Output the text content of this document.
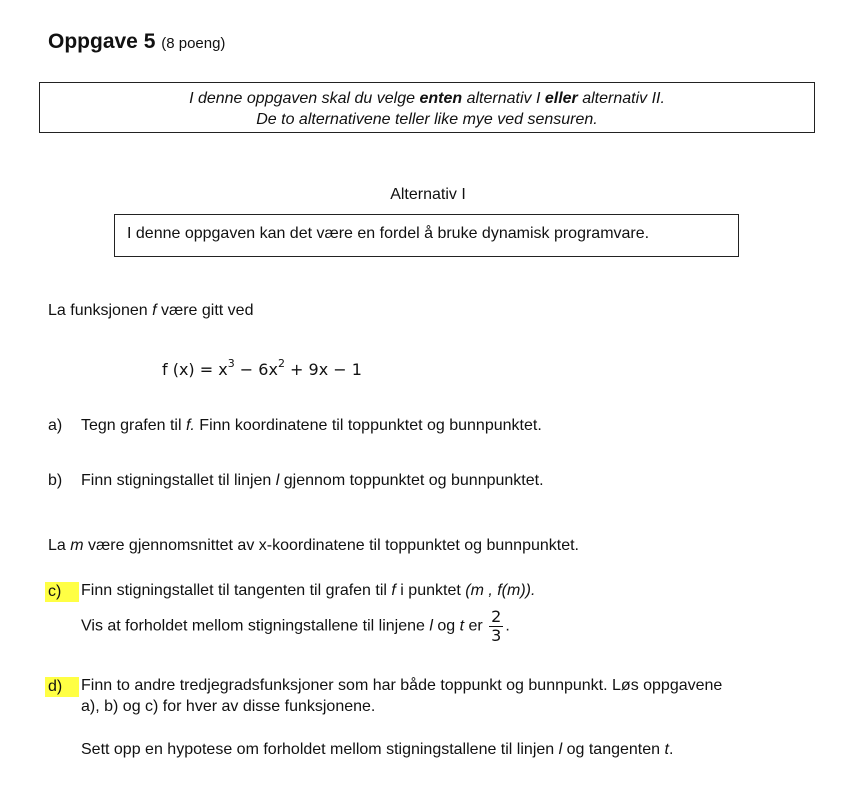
Oppgave 5 (8 poeng)
I denne oppgaven skal du velge enten alternativ I eller alternativ II.
De to alternativene teller like mye ved sensuren.
Alternativ I
I denne oppgaven kan det være en fordel å bruke dynamisk programvare.
La funksjonen f være gitt ved
f $(x) = x^3 - 6x^2 + 9x - 1$
a)	Tegn grafen til f. Finn koordinatene til toppunktet og bunnpunktet.
b)	Finn stigningstallet til linjen l gjennom toppunktet og bunnpunktet.
La m være gjennomsnittet av x-koordinatene til toppunktet og bunnpunktet.
c)	Finn stigningstallet til tangenten til grafen til f i punktet (m , f(m)).
Vis at forholdet mellom stigningstallene til linjene l og t er $\frac{2}{3}$ .
d)	Finn to andre tredjegradsfunksjoner som har både toppunkt og bunnpunkt. Løs oppgavene
a), b) og c) for hver av disse funksjonene.
Sett opp en hypotese om forholdet mellom stigningstallene til linjen l og tangenten t.
